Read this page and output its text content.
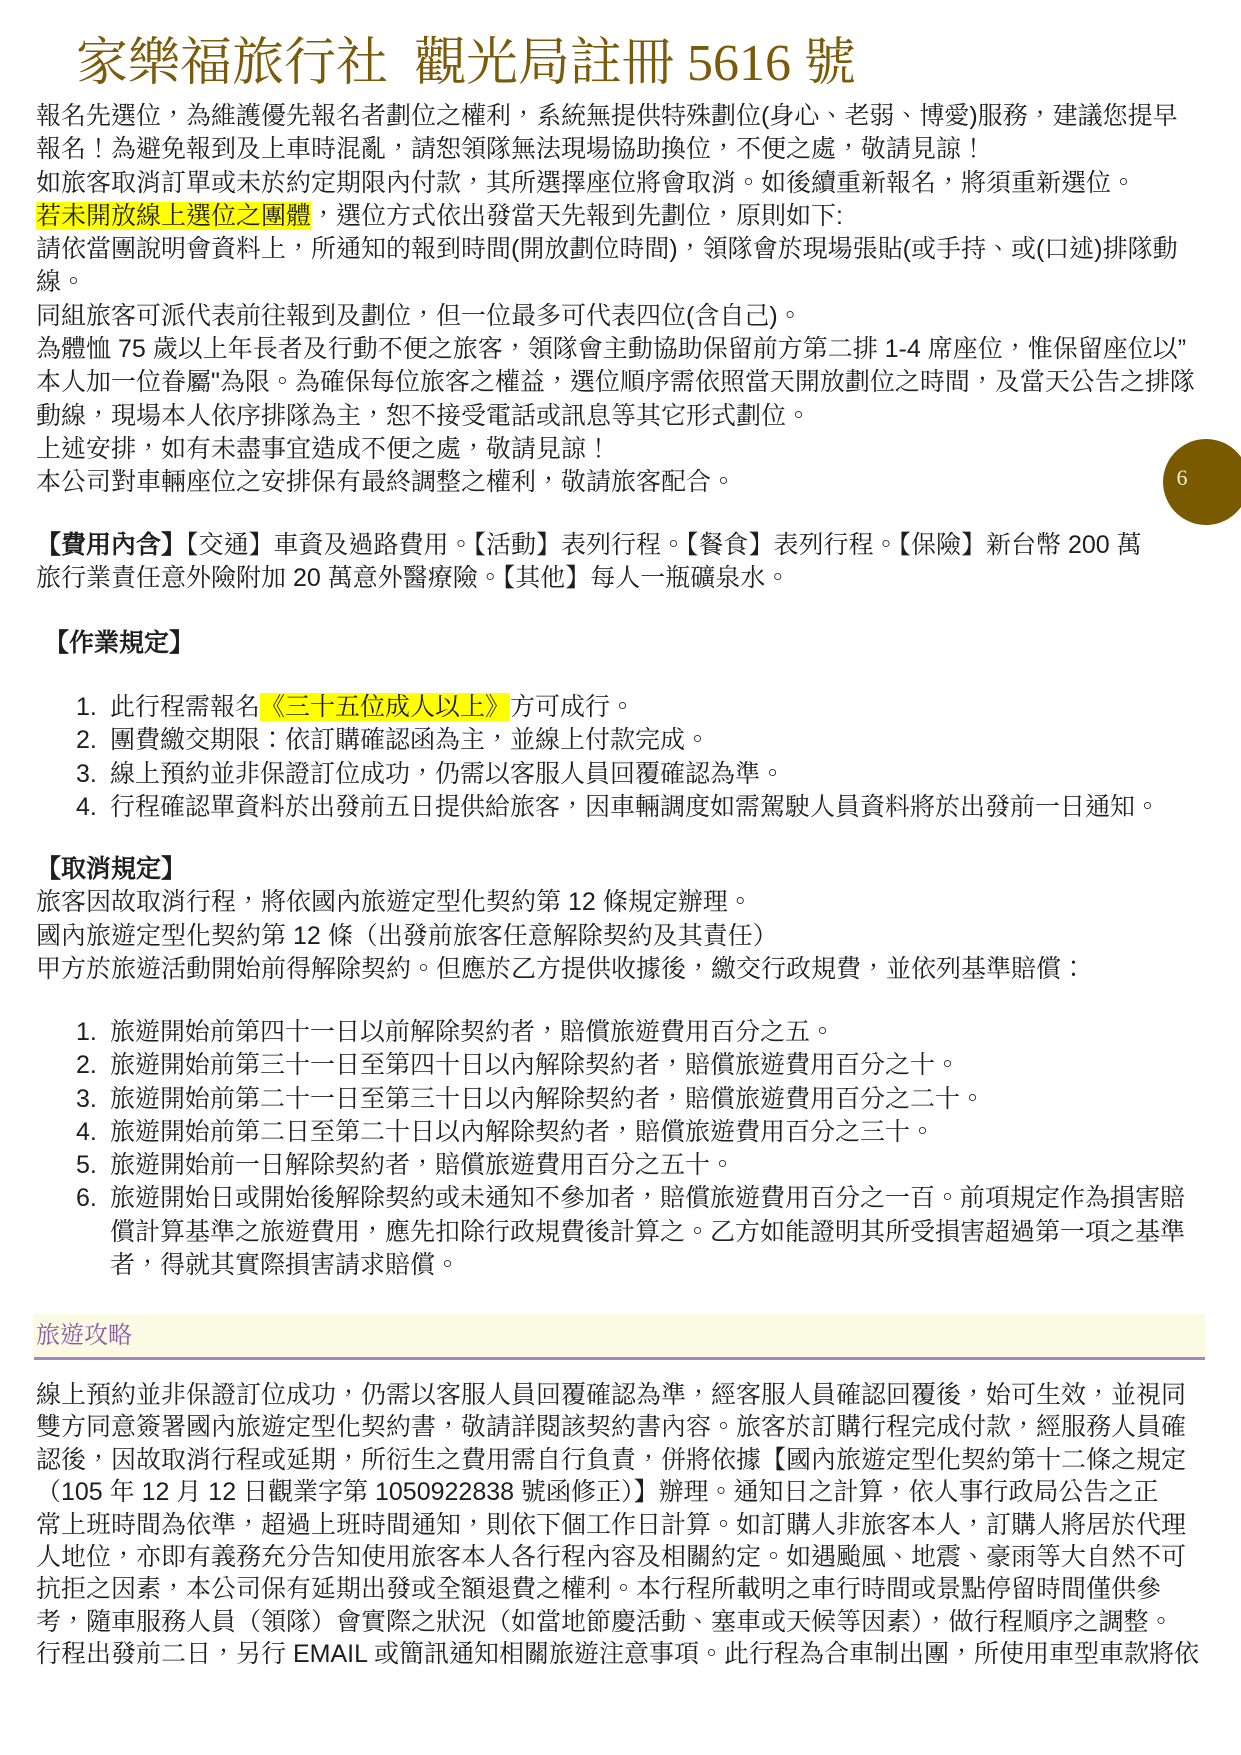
家樂福旅行社  觀光局註冊 5616 號
6
報名先選位，為維護優先報名者劃位之權利，系統無提供特殊劃位(身心、老弱、博愛)服務，建議您提早
報名！為避免報到及上車時混亂，請恕領隊無法現場協助換位，不便之處，敬請見諒！
如旅客取消訂單或未於約定期限內付款，其所選擇座位將會取消。如後續重新報名，將須重新選位。
若未開放線上選位之團體，選位方式依出發當天先報到先劃位，原則如下:
請依當團說明會資料上，所通知的報到時間(開放劃位時間)，領隊會於現場張貼(或手持、或(口述)排隊動
線。
同組旅客可派代表前往報到及劃位，但一位最多可代表四位(含自己)。
為體恤 75 歲以上年長者及行動不便之旅客，領隊會主動協助保留前方第二排 1-4 席座位，惟保留座位以”
本人加一位眷屬"為限。為確保每位旅客之權益，選位順序需依照當天開放劃位之時間，及當天公告之排隊
動線，現場本人依序排隊為主，恕不接受電話或訊息等其它形式劃位。
上述安排，如有未盡事宜造成不便之處，敬請見諒！
本公司對車輛座位之安排保有最終調整之權利，敬請旅客配合。
【費用內含】【交通】車資及過路費用。【活動】表列行程。【餐食】表列行程。【保險】新台幣 200 萬
旅行業責任意外險附加 20 萬意外醫療險。【其他】每人一瓶礦泉水。
【作業規定】
1. 此行程需報名《三十五位成人以上》方可成行。
2. 團費繳交期限：依訂購確認函為主，並線上付款完成。
3. 線上預約並非保證訂位成功，仍需以客服人員回覆確認為準。
4. 行程確認單資料於出發前五日提供給旅客，因車輛調度如需駕駛人員資料將於出發前一日通知。
【取消規定】
旅客因故取消行程，將依國內旅遊定型化契約第 12 條規定辦理。
國內旅遊定型化契約第 12 條（出發前旅客任意解除契約及其責任）
甲方於旅遊活動開始前得解除契約。但應於乙方提供收據後，繳交行政規費，並依列基準賠償：
1. 旅遊開始前第四十一日以前解除契約者，賠償旅遊費用百分之五。
2. 旅遊開始前第三十一日至第四十日以內解除契約者，賠償旅遊費用百分之十。
3. 旅遊開始前第二十一日至第三十日以內解除契約者，賠償旅遊費用百分之二十。
4. 旅遊開始前第二日至第二十日以內解除契約者，賠償旅遊費用百分之三十。
5. 旅遊開始前一日解除契約者，賠償旅遊費用百分之五十。
6. 旅遊開始日或開始後解除契約或未通知不參加者，賠償旅遊費用百分之一百。前項規定作為損害賠
償計算基準之旅遊費用，應先扣除行政規費後計算之。乙方如能證明其所受損害超過第一項之基準
者，得就其實際損害請求賠償。
旅遊攻略
線上預約並非保證訂位成功，仍需以客服人員回覆確認為準，經客服人員確認回覆後，始可生效，並視同
雙方同意簽署國內旅遊定型化契約書，敬請詳閱該契約書內容。旅客於訂購行程完成付款，經服務人員確
認後，因故取消行程或延期，所衍生之費用需自行負責，併將依據【國內旅遊定型化契約第十二條之規定
（105 年 12 月 12 日觀業字第 1050922838 號函修正）】辦理。通知日之計算，依人事行政局公告之正
常上班時間為依準，超過上班時間通知，則依下個工作日計算。如訂購人非旅客本人，訂購人將居於代理
人地位，亦即有義務充分告知使用旅客本人各行程內容及相關約定。如遇颱風、地震、豪雨等大自然不可
抗拒之因素，本公司保有延期出發或全額退費之權利。本行程所載明之車行時間或景點停留時間僅供參
考，隨車服務人員（領隊）會實際之狀況（如當地節慶活動、塞車或天候等因素），做行程順序之調整。
行程出發前二日，另行 EMAIL 或簡訊通知相關旅遊注意事項。此行程為合車制出團，所使用車型車款將依
